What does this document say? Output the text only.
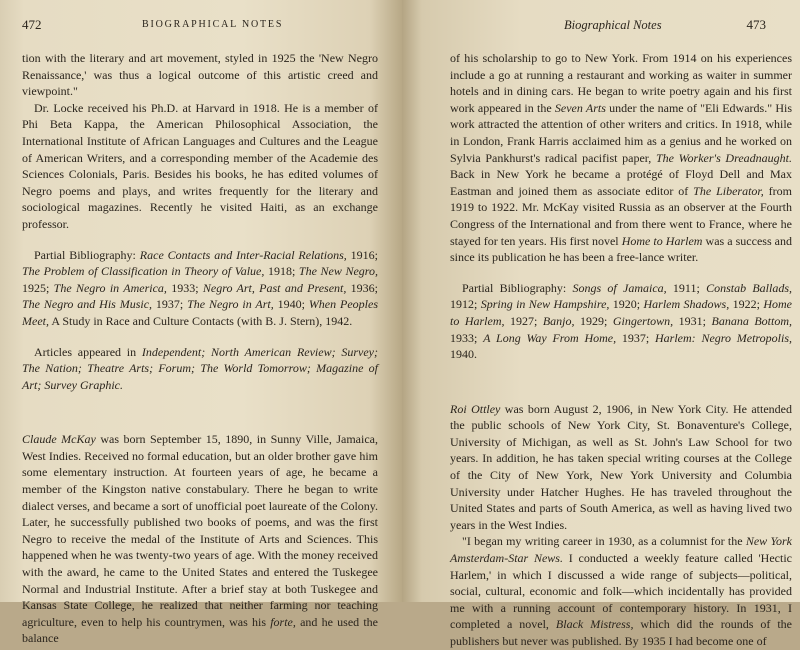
472	BIOGRAPHICAL NOTES

tion with the literary and art movement, styled in 1925 the 'New Negro Renaissance,' was thus a logical outcome of this artistic creed and viewpoint."

Dr. Locke received his Ph.D. at Harvard in 1918. He is a member of Phi Beta Kappa, the American Philosophical Association, the International Institute of African Languages and Cultures and the League of American Writers, and a corresponding member of the Academie des Sciences Colonials, Paris. Besides his books, he has edited volumes of Negro poems and plays, and writes frequently for the literary and sociological magazines. Recently he visited Haiti, as an exchange professor.

Partial Bibliography: Race Contacts and Inter-Racial Relations, 1916; The Problem of Classification in Theory of Value, 1918; The New Negro, 1925; The Negro in America, 1933; Negro Art, Past and Present, 1936; The Negro and His Music, 1937; The Negro in Art, 1940; When Peoples Meet, A Study in Race and Culture Contacts (with B. J. Stern), 1942.

Articles appeared in Independent; North American Review; Survey; The Nation; Theatre Arts; Forum; The World Tomorrow; Magazine of Art; Survey Graphic.

Claude McKay was born September 15, 1890, in Sunny Ville, Jamaica, West Indies. Received no formal education, but an older brother gave him some elementary instruction. At fourteen years of age, he became a member of the Kingston native constabulary. There he began to write dialect verses, and became a sort of unofficial poet laureate of the Colony. Later, he successfully published two books of poems, and was the first Negro to receive the medal of the Institute of Arts and Sciences. This happened when he was twenty-two years of age. With the money received with the award, he came to the United States and entered the Tuskegee Normal and Industrial Institute. After a brief stay at both Tuskegee and Kansas State College, he realized that neither farming nor teaching agriculture, even to help his countrymen, was his forte, and he used the balance

Biographical Notes	473

of his scholarship to go to New York. From 1914 on his experiences include a go at running a restaurant and working as waiter in summer hotels and in dining cars. He began to write poetry again and his first work appeared in the Seven Arts under the name of "Eli Edwards." His work attracted the attention of other writers and critics. In 1918, while in London, Frank Harris acclaimed him as a genius and he worked on Sylvia Pankhurst's radical pacifist paper, The Worker's Dreadnaught. Back in New York he became a protégé of Floyd Dell and Max Eastman and joined them as associate editor of The Liberator, from 1919 to 1922. Mr. McKay visited Russia as an observer at the Fourth Congress of the International and from there went to France, where he stayed for ten years. His first novel Home to Harlem was a success and since its publication he has been a free-lance writer.

Partial Bibliography: Songs of Jamaica, 1911; Constab Ballads, 1912; Spring in New Hampshire, 1920; Harlem Shadows, 1922; Home to Harlem, 1927; Banjo, 1929; Gingertown, 1931; Banana Bottom, 1933; A Long Way From Home, 1937; Harlem: Negro Metropolis, 1940.

Roi Ottley was born August 2, 1906, in New York City. He attended the public schools of New York City, St. Bonaventure's College, University of Michigan, as well as St. John's Law School for two years. In addition, he has taken special writing courses at the College of the City of New York, New York University and Columbia University under Hatcher Hughes. He has traveled throughout the United States and parts of South America, as well as having lived two years in the West Indies.

"I began my writing career in 1930, as a columnist for the New York Amsterdam-Star News. I conducted a weekly feature called 'Hectic Harlem,' in which I discussed a wide range of subjects—political, social, cultural, economic and folk—which incidentally has provided me with a running account of contemporary history. In 1931, I completed a novel, Black Mistress, which did the rounds of the publishers but never was published. By 1935 I had become one of
